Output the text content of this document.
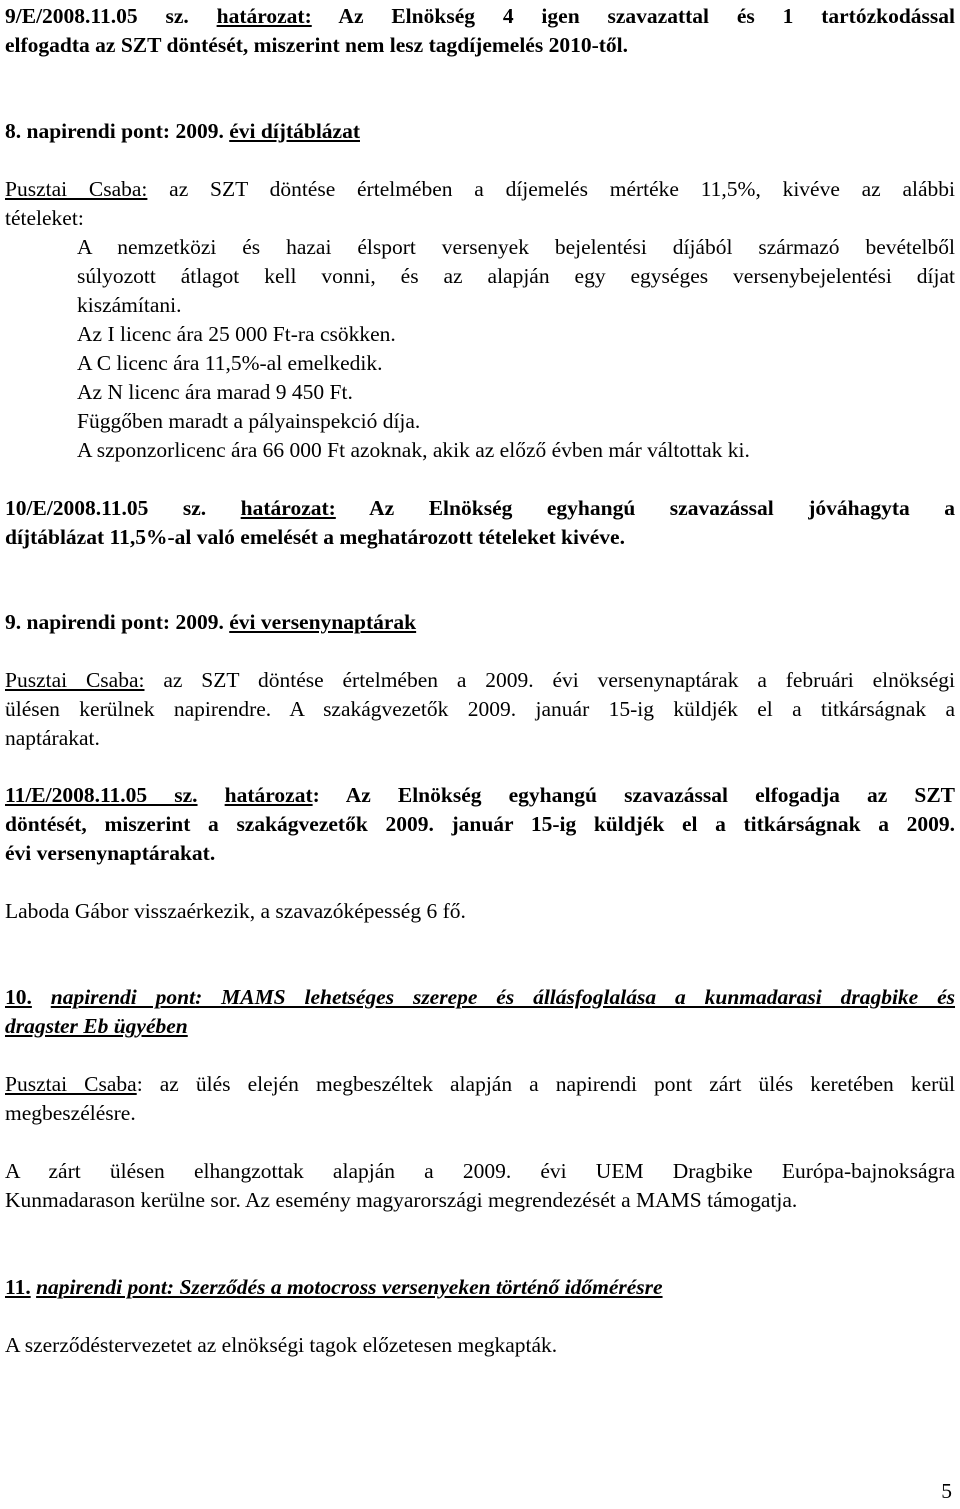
9/E/2008.11.05 sz. határozat: Az Elnökség 4 igen szavazattal és 1 tartózkodással

elfogadta az SZT döntését, miszerint nem lesz tagdíjemelés 2010-től.

8. napirendi pont: 2009. évi díjtáblázat

Pusztai Csaba: az SZT döntése értelmében a díjemelés mértéke 11,5%, kivéve az alábbi

tételeket:

A nemzetközi és hazai élsport versenyek bejelentési díjából származó bevételből

súlyozott átlagot kell vonni, és az alapján egy egységes versenybejelentési díjat

kiszámítani.

Az I licenc ára 25 000 Ft-ra csökken.

A C licenc ára 11,5%-al emelkedik.

Az N licenc ára marad 9 450 Ft.

Függőben maradt a pályainspekció díja.

A szponzorlicenc ára 66 000 Ft azoknak, akik az előző évben már váltottak ki.

10/E/2008.11.05 sz. határozat: Az Elnökség egyhangú szavazással jóváhagyta a

díjtáblázat 11,5%-al való emelését a meghatározott tételeket kivéve.

9. napirendi pont: 2009. évi versenynaptárak

Pusztai Csaba: az SZT döntése értelmében a 2009. évi versenynaptárak a februári elnökségi

ülésen kerülnek napirendre. A szakágvezetők 2009. január 15-ig küldjék el a titkárságnak a

naptárakat.

11/E/2008.11.05 sz. határozat: Az Elnökség egyhangú szavazással elfogadja az SZT

döntését, miszerint a szakágvezetők 2009. január 15-ig küldjék el a titkárságnak a 2009.

évi versenynaptárakat.

Laboda Gábor visszaérkezik, a szavazóképesség 6 fő.

10. napirendi pont: MAMS lehetséges szerepe és állásfoglalása a kunmadarasi dragbike és

dragster Eb ügyében

Pusztai Csaba: az ülés elején megbeszéltek alapján a napirendi pont zárt ülés keretében kerül

megbeszélésre.

A zárt ülésen elhangzottak alapján a 2009. évi UEM Dragbike Európa-bajnokságra

Kunmadarason kerülne sor. Az esemény magyarországi megrendezését a MAMS támogatja.

11. napirendi pont: Szerződés a motocross versenyeken történő időmérésre

A szerződéstervezetet az elnökségi tagok előzetesen megkapták.

5
